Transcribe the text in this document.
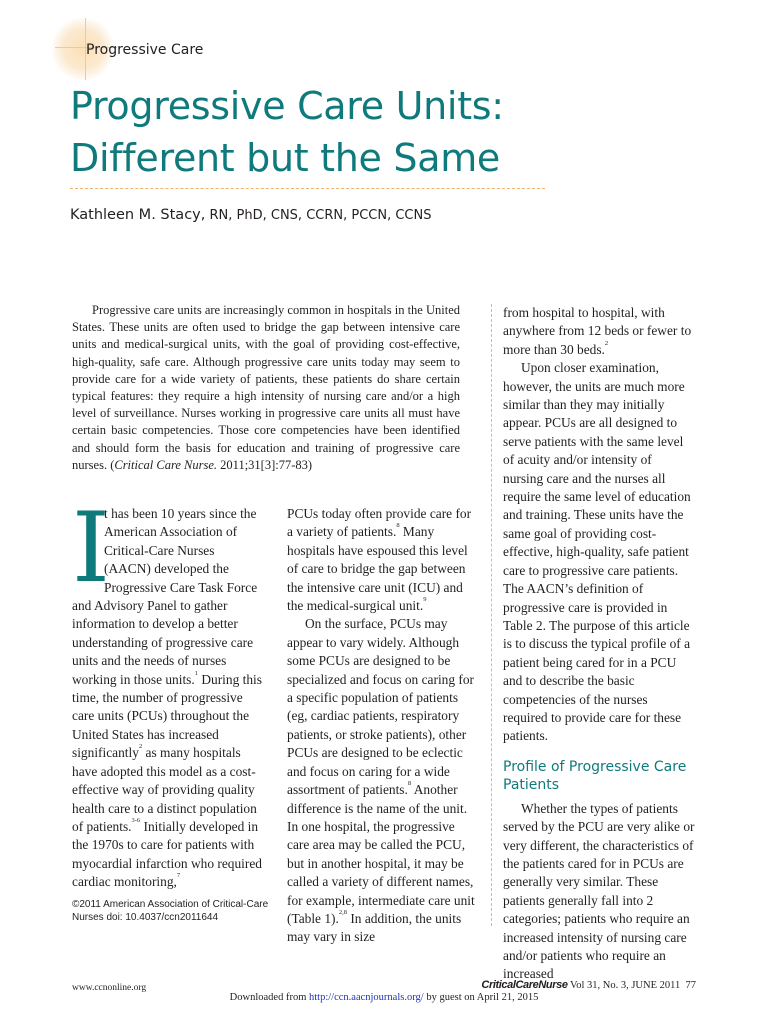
Progressive Care
Progressive Care Units:
Different but the Same
Kathleen M. Stacy, RN, PhD, CNS, CCRN, PCCN, CCNS

Progressive care units are increasingly common in hospitals in the United States. These units are often used to bridge the gap between intensive care units and medical-surgical units, with the goal of providing cost-effective, high-quality, safe care. Although progressive care units today may seem to provide care for a wide variety of patients, these patients do share certain typical features: they require a high intensity of nursing care and/or a high level of surveillance. Nurses working in progressive care units all must have certain basic competencies. Those core competencies have been identified and should form the basis for education and training of progressive care nurses. (Critical Care Nurse. 2011;31[3]:77-83)

I
t has been 10 years since the American Association of Critical-Care Nurses (AACN) developed the Progressive Care Task Force and Advisory Panel to gather information to develop a better understanding of progressive care units and the needs of nurses working in those units.$^1$ During this time, the number of progressive care units (PCUs) throughout the United States has increased significantly$^2$ as many hospitals have adopted this model as a cost-effective way of providing quality health care to a distinct population of patients.$^{3-6}$ Initially developed in the 1970s to care for patients with myocardial infarction who required cardiac monitoring,$^7$

PCUs today often provide care for a variety of patients.$^8$ Many hospitals have espoused this level of care to bridge the gap between the intensive care unit (ICU) and the medical-surgical unit.$^9$

On the surface, PCUs may appear to vary widely. Although some PCUs are designed to be specialized and focus on caring for a specific population of patients (eg, cardiac patients, respiratory patients, or stroke patients), other PCUs are designed to be eclectic and focus on caring for a wide assortment of patients.$^8$ Another difference is the name of the unit. In one hospital, the progressive care area may be called the PCU, but in another hospital, it may be called a variety of different names, for example, intermediate care unit (Table 1).$^{2,8}$ In addition, the units may vary in size

from hospital to hospital, with anywhere from 12 beds or fewer to more than 30 beds.$^2$

Upon closer examination, however, the units are much more similar than they may initially appear. PCUs are all designed to serve patients with the same level of acuity and/or intensity of nursing care and the nurses all require the same level of education and training. These units have the same goal of providing cost-effective, high-quality, safe patient care to progressive care patients. The AACN’s definition of progressive care is provided in Table 2. The purpose of this article is to discuss the typical profile of a patient being cared for in a PCU and to describe the basic competencies of the nurses required to provide care for these patients.

Profile of Progressive Care Patients

Whether the types of patients served by the PCU are very alike or very different, the characteristics of the patients cared for in PCUs are generally very similar. These patients generally fall into 2 categories; patients who require an increased intensity of nursing care and/or patients who require an increased

©2011 American Association of Critical-Care Nurses doi: 10.4037/ccn2011644
www.ccnonline.org	CriticalCareNurse Vol 31, No. 3, JUNE 2011 77
Downloaded from http://ccn.aacnjournals.org/ by guest on April 21, 2015
